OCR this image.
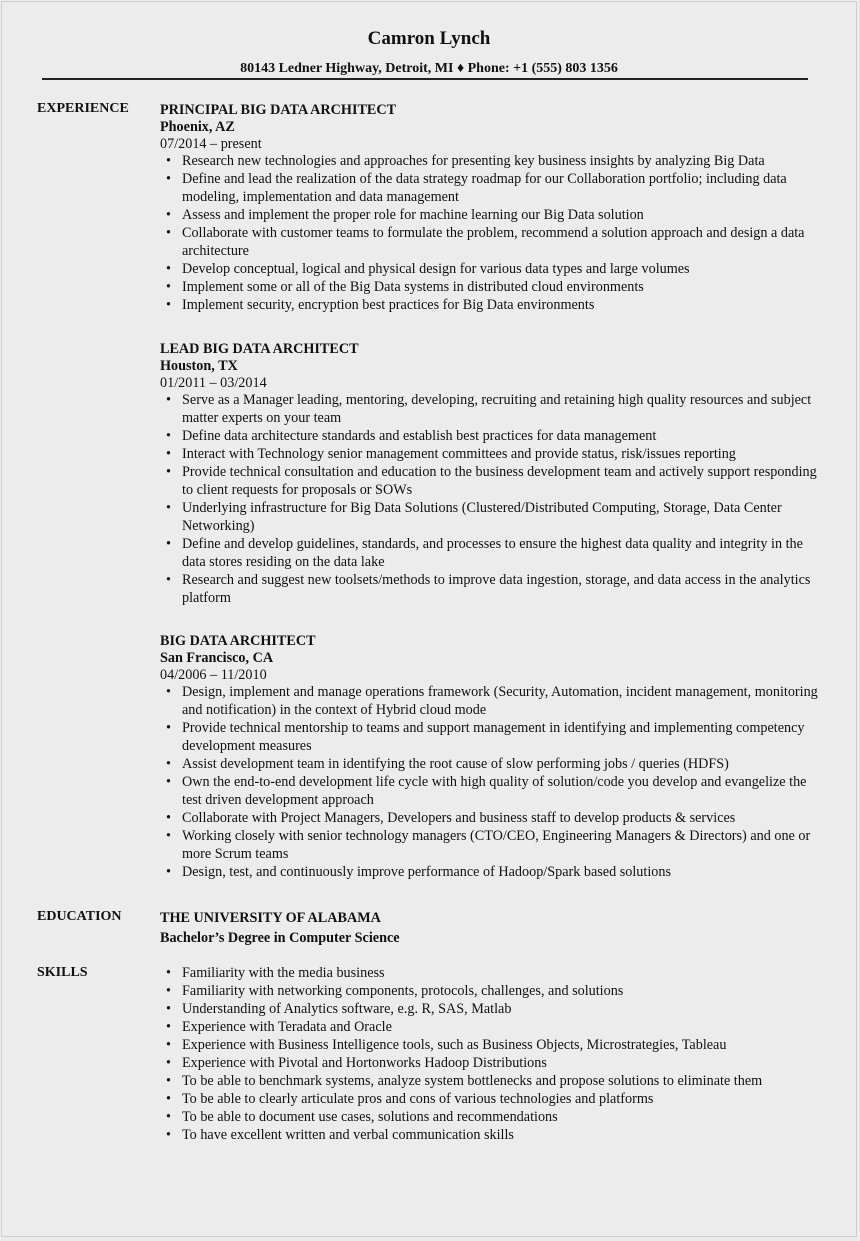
Camron Lynch
80143 Ledner Highway, Detroit, MI ♦ Phone: +1 (555) 803 1356
EXPERIENCE PRINCIPAL BIG DATA ARCHITECT
Phoenix, AZ
07/2014 – present
• Research new technologies and approaches for presenting key business insights by analyzing Big Data
• Define and lead the realization of the data strategy roadmap for our Collaboration portfolio; including data modeling, implementation and data management
• Assess and implement the proper role for machine learning our Big Data solution
• Collaborate with customer teams to formulate the problem, recommend a solution approach and design a data architecture
• Develop conceptual, logical and physical design for various data types and large volumes
• Implement some or all of the Big Data systems in distributed cloud environments
• Implement security, encryption best practices for Big Data environments
LEAD BIG DATA ARCHITECT
Houston, TX
01/2011 – 03/2014
• Serve as a Manager leading, mentoring, developing, recruiting and retaining high quality resources and subject matter experts on your team
• Define data architecture standards and establish best practices for data management
• Interact with Technology senior management committees and provide status, risk/issues reporting
• Provide technical consultation and education to the business development team and actively support responding to client requests for proposals or SOWs
• Underlying infrastructure for Big Data Solutions (Clustered/Distributed Computing, Storage, Data Center Networking)
• Define and develop guidelines, standards, and processes to ensure the highest data quality and integrity in the data stores residing on the data lake
• Research and suggest new toolsets/methods to improve data ingestion, storage, and data access in the analytics platform
BIG DATA ARCHITECT
San Francisco, CA
04/2006 – 11/2010
• Design, implement and manage operations framework (Security, Automation, incident management, monitoring and notification) in the context of Hybrid cloud mode
• Provide technical mentorship to teams and support management in identifying and implementing competency development measures
• Assist development team in identifying the root cause of slow performing jobs / queries (HDFS)
• Own the end-to-end development life cycle with high quality of solution/code you develop and evangelize the test driven development approach
• Collaborate with Project Managers, Developers and business staff to develop products & services
• Working closely with senior technology managers (CTO/CEO, Engineering Managers & Directors) and one or more Scrum teams
• Design, test, and continuously improve performance of Hadoop/Spark based solutions
EDUCATION	THE UNIVERSITY OF ALABAMA
Bachelor’s Degree in Computer Science
SKILLS
•	Familiarity with the media business
• Familiarity with networking components, protocols, challenges, and solutions
• Understanding of Analytics software, e.g. R, SAS, Matlab
• Experience with Teradata and Oracle
• Experience with Business Intelligence tools, such as Business Objects, Microstrategies, Tableau
• Experience with Pivotal and Hortonworks Hadoop Distributions
• To be able to benchmark systems, analyze system bottlenecks and propose solutions to eliminate them
• To be able to clearly articulate pros and cons of various technologies and platforms
• To be able to document use cases, solutions and recommendations
• To have excellent written and verbal communication skills
